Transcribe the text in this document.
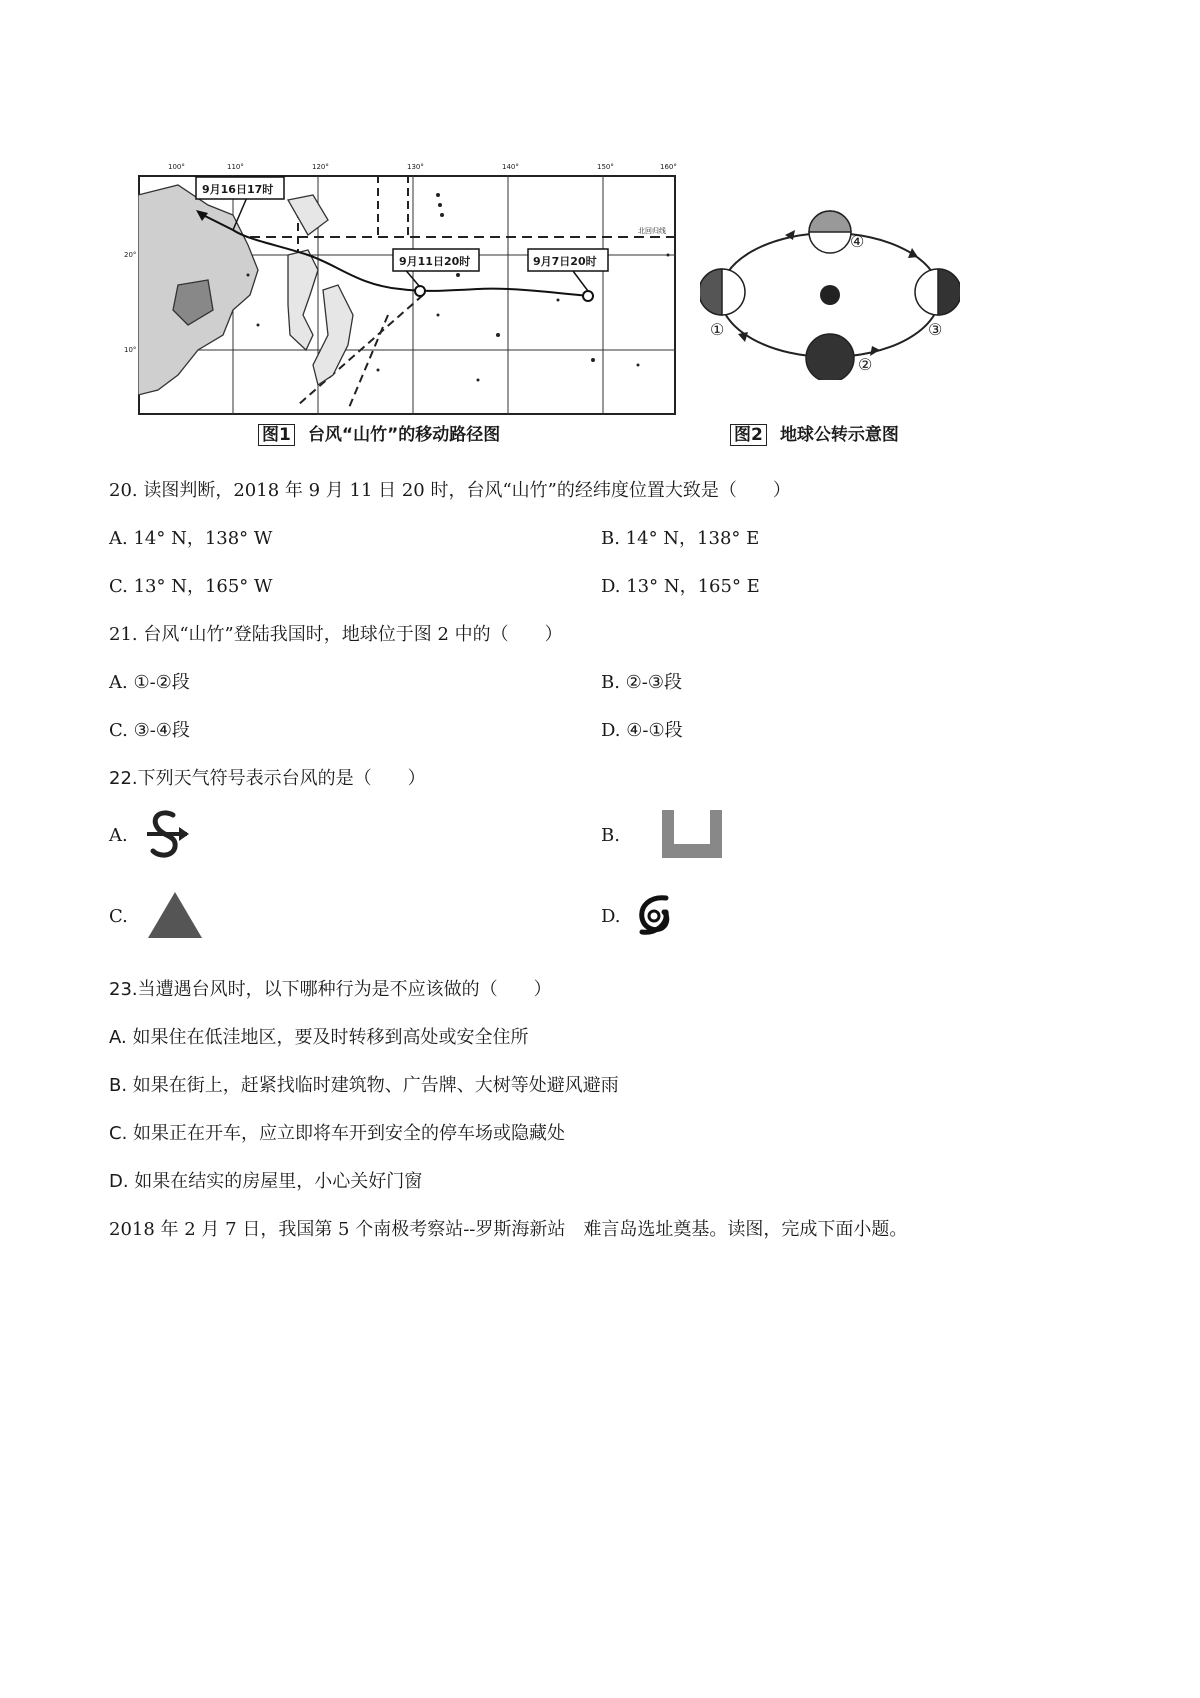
9月16日17时
9月11日20时	9月7日20时
北回归线
100°	110°	120°	130°	140°	150°	160°
20°
10°
图1 台风“山竹”的移动路径图
①
②
③
④
图2 地球公转示意图
20. 读图判断，2018 年 9 月 11 日 20 时，台风“山竹”的经纬度位置大致是（　　）
A. 14° N，138° W	B. 14° N，138° E
C. 13° N，165° W	D. 13° N，165° E
21. 台风“山竹”登陆我国时，地球位于图 2 中的（　　）
A. ①-②段	B. ②-③段
C. ③-④段	D. ④-①段
22.下列天气符号表示台风的是（　　）
A.	B.
C.	D.
23.当遭遇台风时，以下哪种行为是不应该做的（　　）
A. 如果住在低洼地区，要及时转移到高处或安全住所
B. 如果在街上，赶紧找临时建筑物、广告牌、大树等处避风避雨
C. 如果正在开车，应立即将车开到安全的停车场或隐藏处
D. 如果在结实的房屋里，小心关好门窗
2018 年 2 月 7 日，我国第 5 个南极考察站--罗斯海新站　难言岛选址奠基。读图，完成下面小题。
